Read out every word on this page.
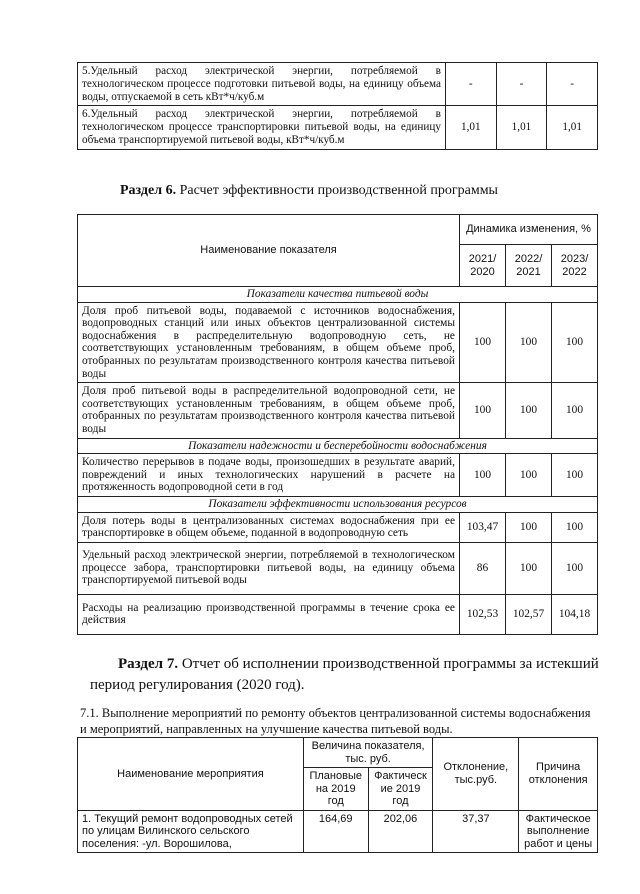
5.Удельный расход электрической энергии, потребляемой в технологическом процессе подготовки питьевой воды, на единицу объема воды, отпускаемой в сеть кВт*ч/куб.м	-	-	-
6.Удельный расход электрической энергии, потребляемой в технологическом процессе транспортировки питьевой воды, на единицу объема транспортируемой питьевой воды, кВт*ч/куб.м	1,01	1,01	1,01
Раздел 6. Расчет эффективности производственной программы
Наименование показателя	Динамика изменения, %		
	2021/ 2020	2022/ 2021	2023/ 2022
Показатели качества питьевой воды			
Доля проб питьевой воды, подаваемой с источников водоснабжения, водопроводных станций или иных объектов централизованной системы водоснабжения в распределительную водопроводную сеть, не соответствующих установленным требованиям, в общем объеме проб, отобранных по результатам производственного контроля качества питьевой воды	100	100	100
Доля проб питьевой воды в распределительной водопроводной сети, не соответствующих установленным требованиям, в общем объеме проб, отобранных по результатам производственного контроля качества питьевой воды	100	100	100
Показатели надежности и бесперебойности водоснабжения			
Количество перерывов в подаче воды, произошедших в результате аварий, повреждений и иных технологических нарушений в расчете на протяженность водопроводной сети в год	100	100	100
Показатели эффективности использования ресурсов			
Доля потерь воды в централизованных системах водоснабжения при ее транспортировке в общем объеме, поданной в водопроводную сеть	103,47	100	100
Удельный расход электрической энергии, потребляемой в технологическом процессе забора, транспортировки питьевой воды, на единицу объема транспортируемой питьевой воды	86	100	100
Расходы на реализацию производственной программы в течение срока ее действия	102,53	102,57	104,18
Раздел 7. Отчет об исполнении производственной программы за истекший период регулирования (2020 год).
7.1. Выполнение мероприятий по ремонту объектов централизованной системы водоснабжения и мероприятий, направленных на улучшение качества питьевой воды.
Наименование мероприятия	Величина показателя, тыс. руб.		Отклонение, тыс.руб.	Причина отклонения
	Плановые на 2019 год	Фактическ ие 2019 год		
1. Текущий ремонт водопроводных сетей по улицам Вилинского сельского поселения: -ул. Ворошилова,	164,69	202,06	37,37	Фактическое выполнение работ и цены
